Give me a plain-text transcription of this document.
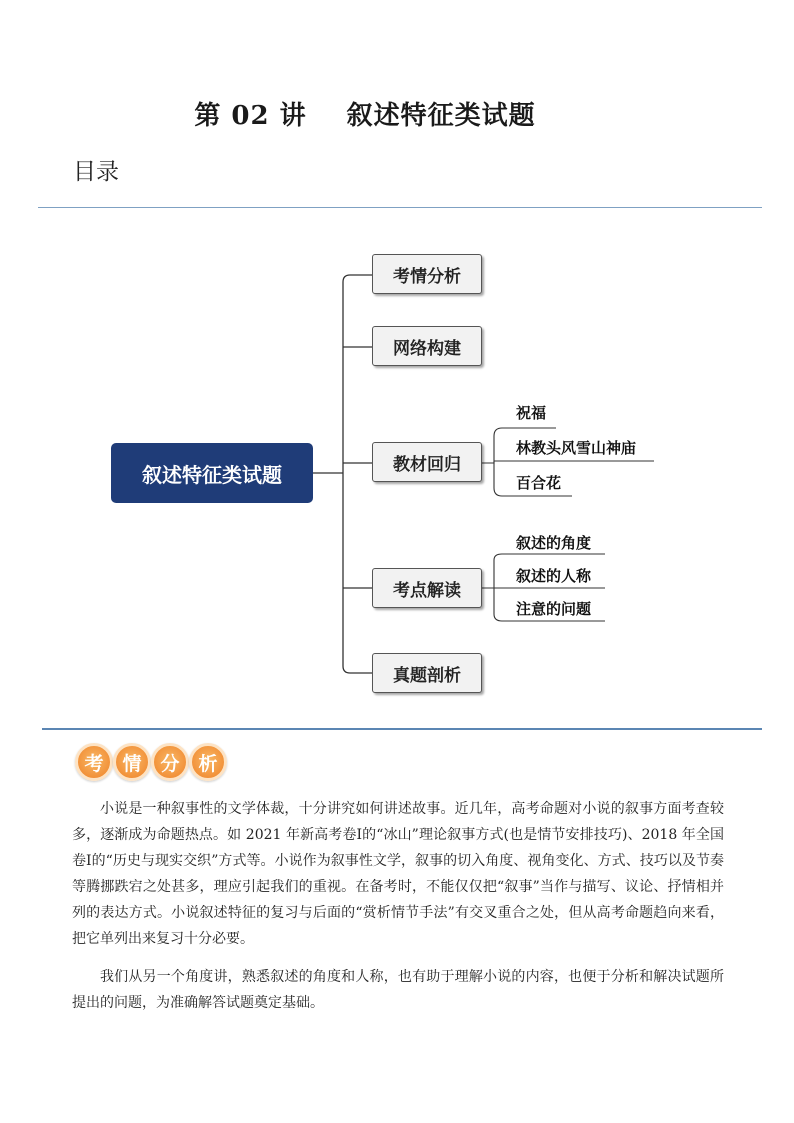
第 02 讲 叙述特征类试题
目录
叙述特征类试题
考情分析
网络构建
教材回归
考点解读
真题剖析
祝福
林教头风雪山神庙
百合花
叙述的角度
叙述的人称
注意的问题
考 情 分 析

小说是一种叙事性的文学体裁，十分讲究如何讲述故事。近几年，高考命题对小说的叙事方面考查较多，逐渐成为命题热点。如 2021 年新高考卷Ⅰ的“冰山”理论叙事方式(也是情节安排技巧)、2018 年全国卷Ⅰ的“历史与现实交织”方式等。小说作为叙事性文学，叙事的切入角度、视角变化、方式、技巧以及节奏等腾挪跌宕之处甚多，理应引起我们的重视。在备考时，不能仅仅把“叙事”当作与描写、议论、抒情相并列的表达方式。小说叙述特征的复习与后面的“赏析情节手法”有交叉重合之处，但从高考命题趋向来看，把它单列出来复习十分必要。

我们从另一个角度讲，熟悉叙述的角度和人称，也有助于理解小说的内容，也便于分析和解决试题所提出的问题，为准确解答试题奠定基础。
